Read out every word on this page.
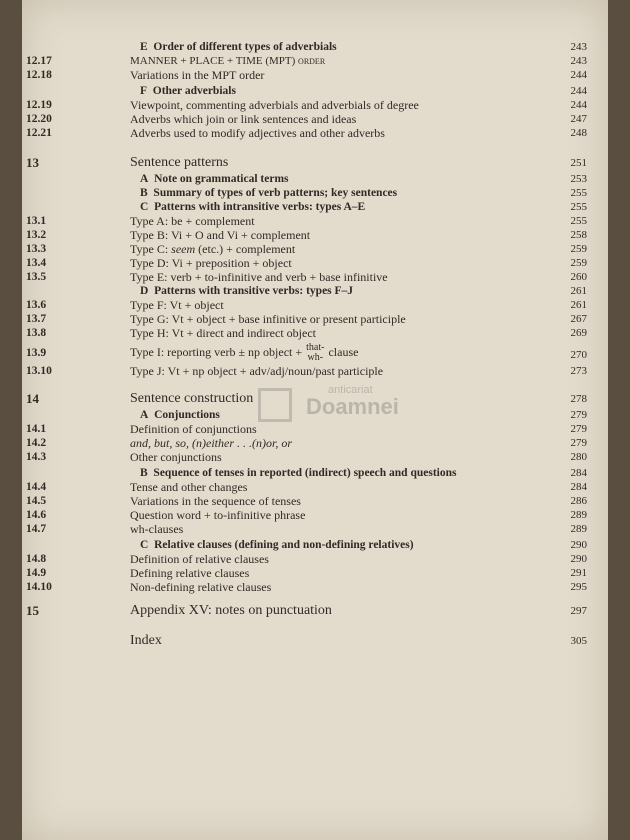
E Order of different types of adverbials	243
12.17	MANNER + PLACE + TIME (MPT) order	243
12.18	Variations in the MPT order	244
F Other adverbials	244
12.19	Viewpoint, commenting adverbials and adverbials of degree	244
12.20	Adverbs which join or link sentences and ideas	247
12.21	Adverbs used to modify adjectives and other adverbs	248
13	Sentence patterns	251
A Note on grammatical terms	253
B Summary of types of verb patterns; key sentences	255
C Patterns with intransitive verbs: types A–E	255
13.1	Type A: be + complement	255
13.2	Type B: Vi + O and Vi + complement	258
13.3	Type C: seem (etc.) + complement	259
13.4	Type D: Vi + preposition + object	259
13.5	Type E: verb + to-infinitive and verb + base infinitive	260
D Patterns with transitive verbs: types F–J	261
13.6	Type F: Vt + object	261
13.7	Type G: Vt + object + base infinitive or present participle	267
13.8	Type H: Vt + direct and indirect object	269
13.9	Type I: reporting verb ± np object + that-
wh- clause	270
13.10	Type J: Vt + np object + adv/adj/noun/past participle	273
14	Sentence construction	278
A Conjunctions	279
14.1	Definition of conjunctions	279
14.2	and, but, so, (n)either . . .(n)or, or	279
14.3	Other conjunctions	280
B Sequence of tenses in reported (indirect) speech and questions	284
14.4	Tense and other changes	284
14.5	Variations in the sequence of tenses	286
14.6	Question word + to-infinitive phrase	289
14.7	wh-clauses	289
C Relative clauses (defining and non-defining relatives)	290
14.8	Definition of relative clauses	290
14.9	Defining relative clauses	291
14.10	Non-defining relative clauses	295
15	Appendix XV: notes on punctuation	297
Index	305
anticariat
Doamnei
